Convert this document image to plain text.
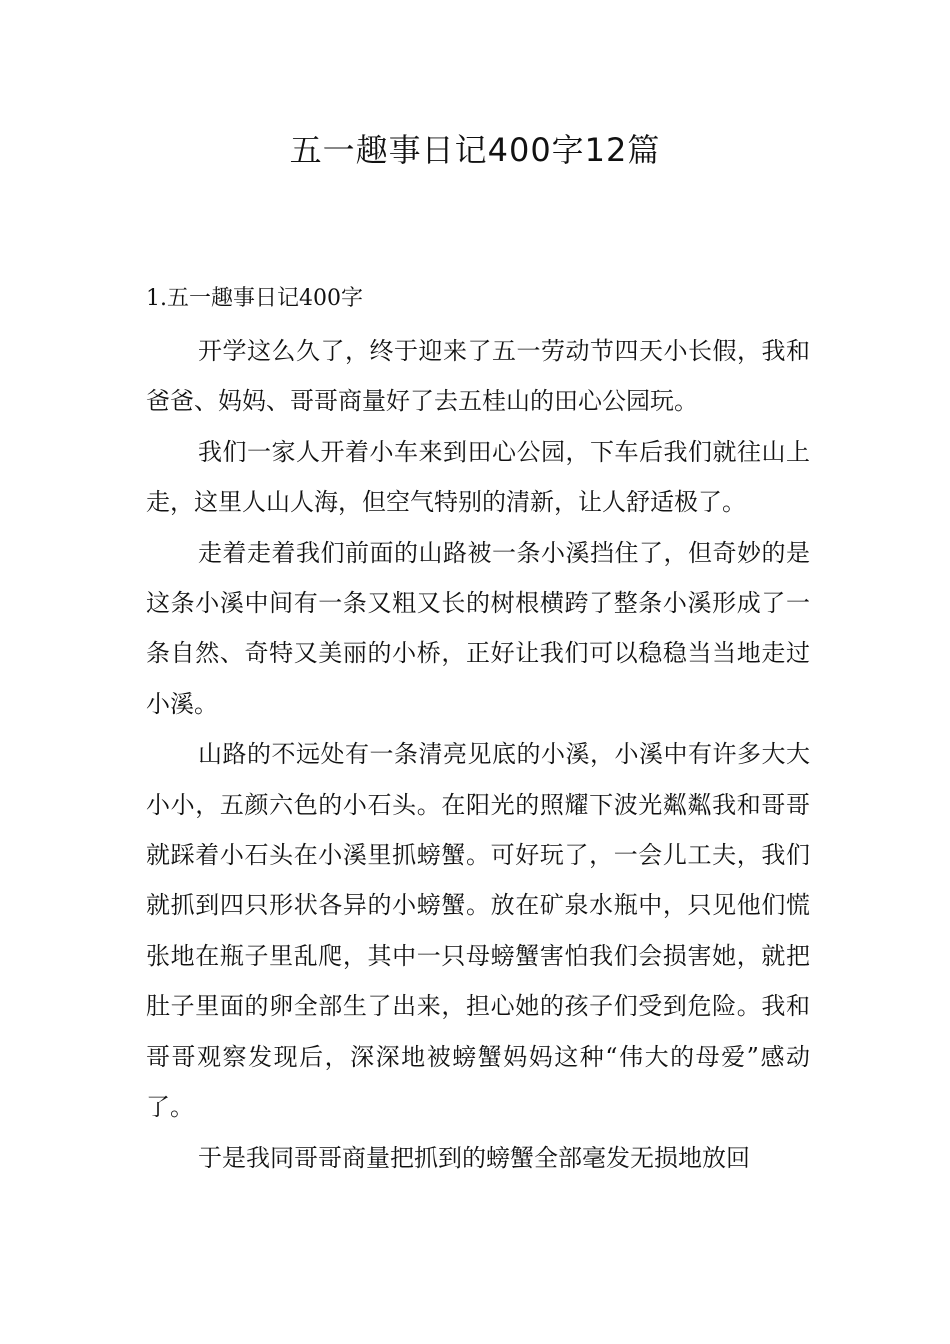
五一趣事日记400字12篇
1.五一趣事日记400字

开学这么久了，终于迎来了五一劳动节四天小长假，我和爸爸、妈妈、哥哥商量好了去五桂山的田心公园玩。

我们一家人开着小车来到田心公园，下车后我们就往山上走，这里人山人海，但空气特别的清新，让人舒适极了。

走着走着我们前面的山路被一条小溪挡住了，但奇妙的是这条小溪中间有一条又粗又长的树根横跨了整条小溪形成了一条自然、奇特又美丽的小桥，正好让我们可以稳稳当当地走过小溪。

山路的不远处有一条清亮见底的小溪，小溪中有许多大大小小，五颜六色的小石头。在阳光的照耀下波光粼粼我和哥哥就踩着小石头在小溪里抓螃蟹。可好玩了，一会儿工夫，我们就抓到四只形状各异的小螃蟹。放在矿泉水瓶中，只见他们慌张地在瓶子里乱爬，其中一只母螃蟹害怕我们会损害她，就把肚子里面的卵全部生了出来，担心她的孩子们受到危险。我和哥哥观察发现后，深深地被螃蟹妈妈这种“伟大的母爱”感动了。

于是我同哥哥商量把抓到的螃蟹全部毫发无损地放回
